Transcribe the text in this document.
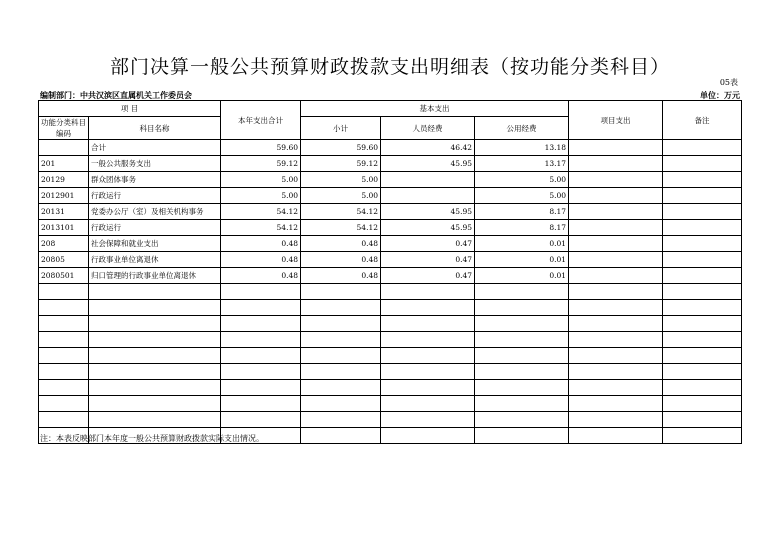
部门决算一般公共预算财政拨款支出明细表（按功能分类科目）
05表
编制部门：中共汉滨区直属机关工作委员会	单位：万元
项 目		本年支出合计	基本支出			项目支出	备注
功能分类科目编码	科目名称		小计	人员经费	公用经费		

	合计	59.60	59.60	46.42	13.18		
201	一般公共服务支出	59.12	59.12	45.95	13.17		
20129	群众团体事务	5.00	5.00		5.00		
2012901	行政运行	5.00	5.00		5.00		
20131	党委办公厅（室）及相关机构事务	54.12	54.12	45.95	8.17		
2013101	行政运行	54.12	54.12	45.95	8.17		
208	社会保障和就业支出	0.48	0.48	0.47	0.01		
20805	行政事业单位离退休	0.48	0.48	0.47	0.01		
2080501	归口管理的行政事业单位离退休	0.48	0.48	0.47	0.01		

注：本表反映部门本年度一般公共预算财政拨款实际支出情况。
